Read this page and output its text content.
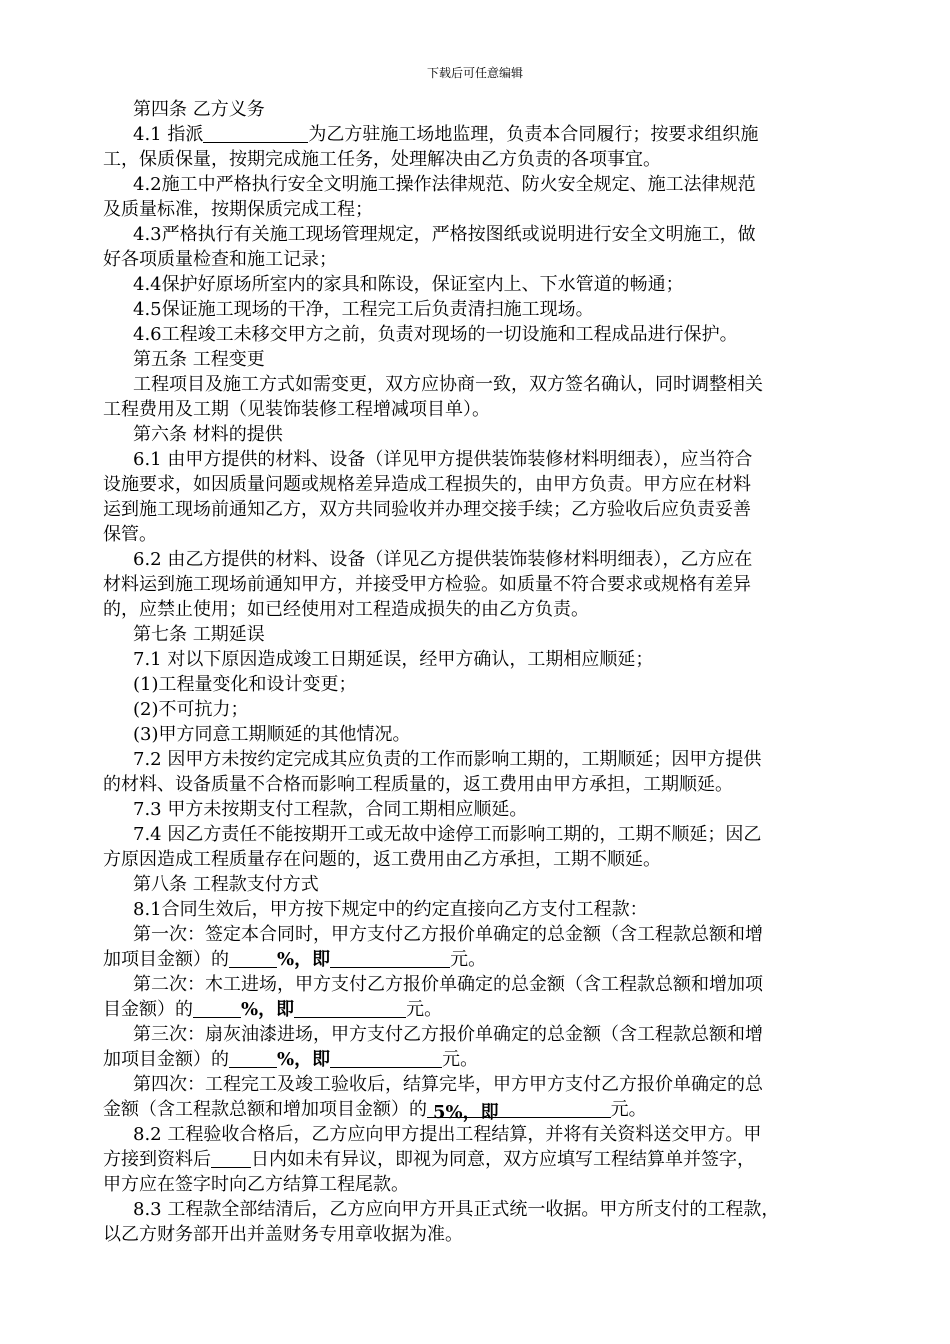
下载后可任意编辑
第四条 乙方义务
4.1 指派	为乙方驻施工场地监理，负责本合同履行；按要求组织施
工，保质保量，按期完成施工任务，处理解决由乙方负责的各项事宜。
4.2施工中严格执行安全文明施工操作法律规范、防火安全规定、施工法律规范
及质量标准，按期保质完成工程；
4.3严格执行有关施工现场管理规定，严格按图纸或说明进行安全文明施工，做
好各项质量检查和施工记录；
4.4保护好原场所室内的家具和陈设，保证室内上、下水管道的畅通；
4.5保证施工现场的干净，工程完工后负责清扫施工现场。
4.6工程竣工未移交甲方之前，负责对现场的一切设施和工程成品进行保护。
第五条 工程变更
工程项目及施工方式如需变更，双方应协商一致，双方签名确认，同时调整相关
工程费用及工期（见装饰装修工程增减项目单）。
第六条 材料的提供
6.1 由甲方提供的材料、设备（详见甲方提供装饰装修材料明细表），应当符合
设施要求，如因质量问题或规格差异造成工程损失的，由甲方负责。甲方应在材料
运到施工现场前通知乙方，双方共同验收并办理交接手续；乙方验收后应负责妥善
保管。
6.2 由乙方提供的材料、设备（详见乙方提供装饰装修材料明细表），乙方应在
材料运到施工现场前通知甲方，并接受甲方检验。如质量不符合要求或规格有差异
的，应禁止使用；如已经使用对工程造成损失的由乙方负责。
第七条 工期延误
7.1 对以下原因造成竣工日期延误，经甲方确认，工期相应顺延；
(1)工程量变化和设计变更；
(2)不可抗力；
(3)甲方同意工期顺延的其他情况。
7.2 因甲方未按约定完成其应负责的工作而影响工期的，工期顺延；因甲方提供
的材料、设备质量不合格而影响工程质量的，返工费用由甲方承担，工期顺延。
7.3 甲方未按期支付工程款，合同工期相应顺延。
7.4 因乙方责任不能按期开工或无故中途停工而影响工期的，工期不顺延；因乙
方原因造成工程质量存在问题的，返工费用由乙方承担，工期不顺延。
第八条 工程款支付方式
8.1合同生效后，甲方按下规定中的约定直接向乙方支付工程款：
第一次：签定本合同时，甲方支付乙方报价单确定的总金额（含工程款总额和增
加项目金额）的	%，即	元。
第二次：木工进场，甲方支付乙方报价单确定的总金额（含工程款总额和增加项
目金额）的	%，即	元。
第三次：扇灰油漆进场，甲方支付乙方报价单确定的总金额（含工程款总额和增
加项目金额）的	%，即	元。
第四次：工程完工及竣工验收后，结算完毕，甲方甲方支付乙方报价单确定的总
金额（含工程款总额和增加项目金额）的 5%，即	元。
8.2 工程验收合格后，乙方应向甲方提出工程结算，并将有关资料送交甲方。甲
方接到资料后 日内如未有异议，即视为同意，双方应填写工程结算单并签字，
甲方应在签字时向乙方结算工程尾款。
8.3 工程款全部结清后，乙方应向甲方开具正式统一收据。甲方所支付的工程款，
以乙方财务部开出并盖财务专用章收据为准。
